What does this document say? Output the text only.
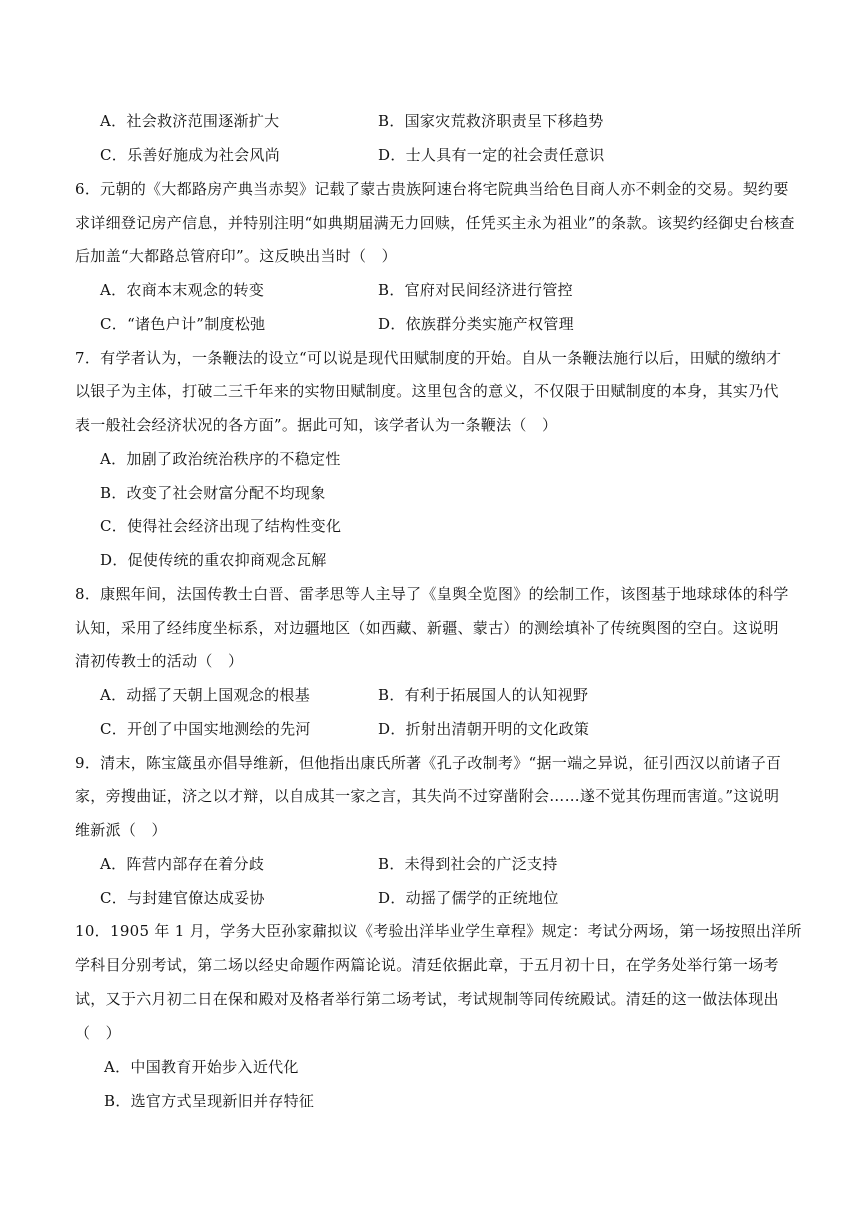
A．社会救济范围逐渐扩大	B．国家灾荒救济职责呈下移趋势
C．乐善好施成为社会风尚	D．士人具有一定的社会责任意识
6．元朝的《大都路房产典当赤契》记载了蒙古贵族阿速台将宅院典当给色目商人亦不剌金的交易。契约要
求详细登记房产信息，并特别注明“如典期届满无力回赎，任凭买主永为祖业”的条款。该契约经御史台核查
后加盖“大都路总管府印”。这反映出当时（　）
A．农商本末观念的转变	B．官府对民间经济进行管控
C．“诸色户计”制度松弛	D．依族群分类实施产权管理
7．有学者认为，一条鞭法的设立“可以说是现代田赋制度的开始。自从一条鞭法施行以后，田赋的缴纳才
以银子为主体，打破二三千年来的实物田赋制度。这里包含的意义，不仅限于田赋制度的本身，其实乃代
表一般社会经济状况的各方面”。据此可知，该学者认为一条鞭法（　）
A．加剧了政治统治秩序的不稳定性
B．改变了社会财富分配不均现象
C．使得社会经济出现了结构性变化
D．促使传统的重农抑商观念瓦解
8．康熙年间，法国传教士白晋、雷孝思等人主导了《皇舆全览图》的绘制工作，该图基于地球球体的科学
认知，采用了经纬度坐标系，对边疆地区（如西藏、新疆、蒙古）的测绘填补了传统舆图的空白。这说明
清初传教士的活动（　）
A．动摇了天朝上国观念的根基	B．有利于拓展国人的认知视野
C．开创了中国实地测绘的先河	D．折射出清朝开明的文化政策
9．清末，陈宝箴虽亦倡导维新，但他指出康氏所著《孔子改制考》“据一端之异说，征引西汉以前诸子百
家，旁搜曲证，济之以才辩，以自成其一家之言，其失尚不过穿凿附会……遂不觉其伤理而害道。”这说明
维新派（　）
A．阵营内部存在着分歧	B．未得到社会的广泛支持
C．与封建官僚达成妥协	D．动摇了儒学的正统地位
10．1905 年 1 月，学务大臣孙家鼐拟议《考验出洋毕业学生章程》规定：考试分两场，第一场按照出洋所
学科目分别考试，第二场以经史命题作两篇论说。清廷依据此章，于五月初十日，在学务处举行第一场考
试，又于六月初二日在保和殿对及格者举行第二场考试，考试规制等同传统殿试。清廷的这一做法体现出
（　）
A．中国教育开始步入近代化
B．选官方式呈现新旧并存特征
